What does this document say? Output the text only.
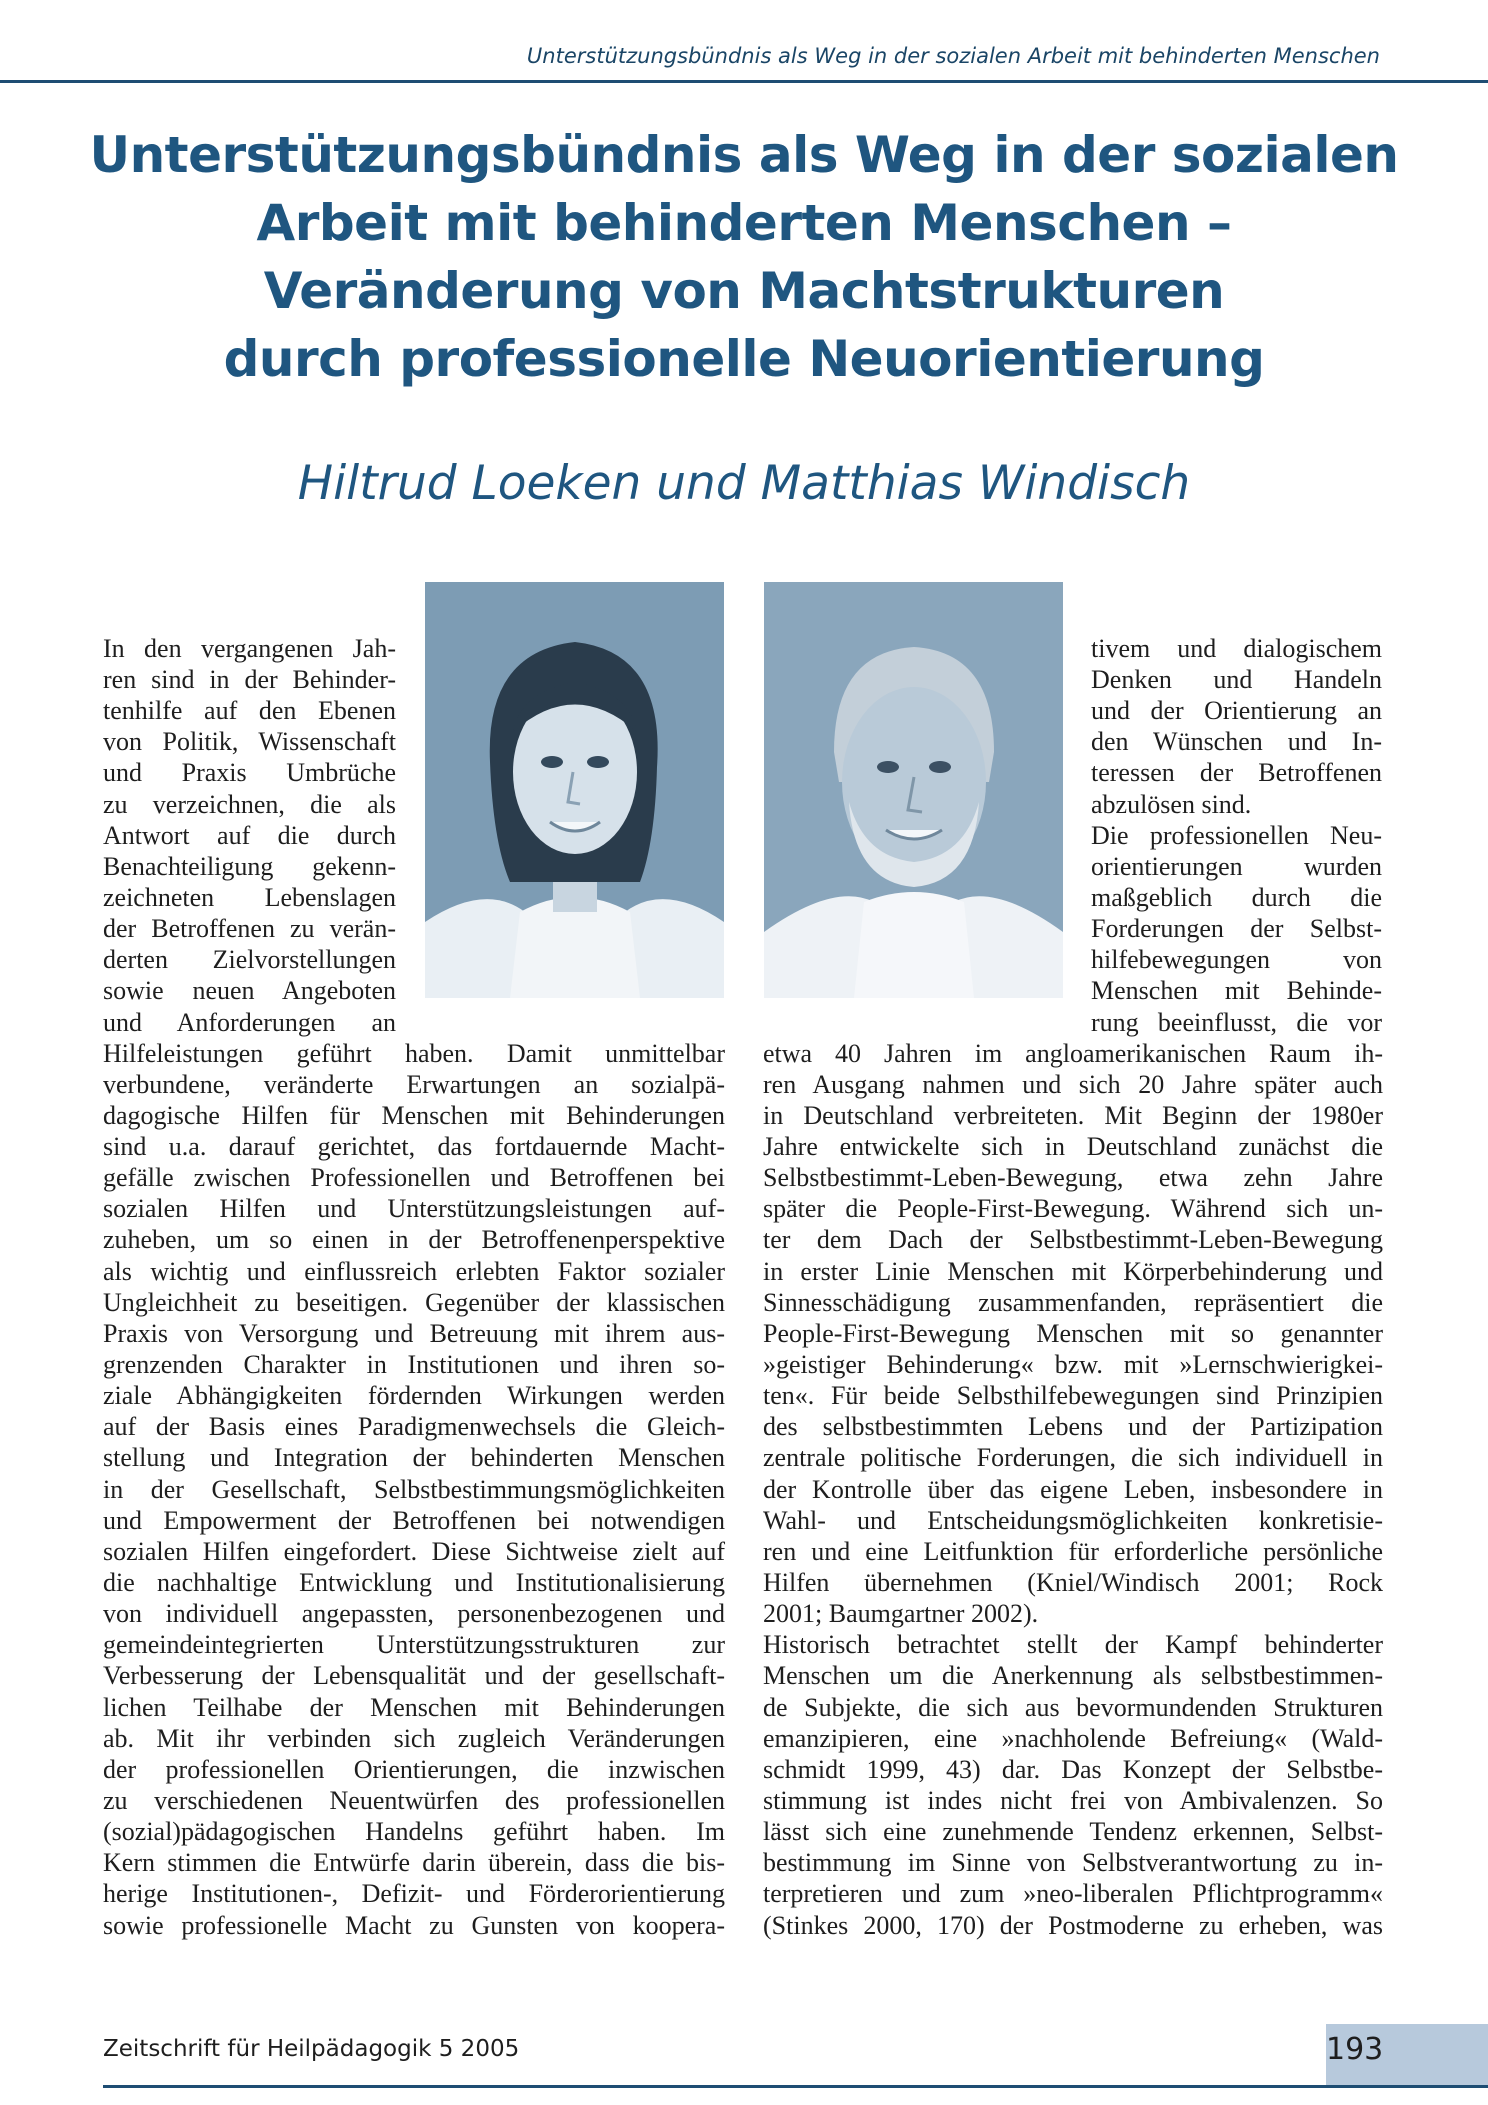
Unterstützungsbündnis als Weg in der sozialen Arbeit mit behinderten Menschen
Unterstützungsbündnis als Weg in der sozialen
Arbeit mit behinderten Menschen –
Veränderung von Machtstrukturen
durch professionelle Neuorientierung
Hiltrud Loeken und Matthias Windisch
In den vergangenen Jah-
ren sind in der Behinder-
tenhilfe auf den Ebenen
von Politik, Wissenschaft
und Praxis Umbrüche
zu verzeichnen, die als
Antwort auf die durch
Benachteiligung gekenn-
zeichneten Lebenslagen
der Betroffenen zu verän-
derten Zielvorstellungen
sowie neuen Angeboten
und Anforderungen an
Hilfeleistungen geführt haben. Damit unmittelbar
verbundene, veränderte Erwartungen an sozialpä-
dagogische Hilfen für Menschen mit Behinderungen
sind u.a. darauf gerichtet, das fortdauernde Macht-
gefälle zwischen Professionellen und Betroffenen bei
sozialen Hilfen und Unterstützungsleistungen auf-
zuheben, um so einen in der Betroffenenperspektive
als wichtig und einflussreich erlebten Faktor sozialer
Ungleichheit zu beseitigen. Gegenüber der klassischen
Praxis von Versorgung und Betreuung mit ihrem aus-
grenzenden Charakter in Institutionen und ihren so-
ziale Abhängigkeiten fördernden Wirkungen werden
auf der Basis eines Paradigmenwechsels die Gleich-
stellung und Integration der behinderten Menschen
in der Gesellschaft, Selbstbestimmungsmöglichkeiten
und Empowerment der Betroffenen bei notwendigen
sozialen Hilfen eingefordert. Diese Sichtweise zielt auf
die nachhaltige Entwicklung und Institutionalisierung
von individuell angepassten, personenbezogenen und
gemeindeintegrierten Unterstützungsstrukturen zur
Verbesserung der Lebensqualität und der gesellschaft-
lichen Teilhabe der Menschen mit Behinderungen
ab. Mit ihr verbinden sich zugleich Veränderungen
der professionellen Orientierungen, die inzwischen
zu verschiedenen Neuentwürfen des professionellen
(sozial)pädagogischen Handelns geführt haben. Im
Kern stimmen die Entwürfe darin überein, dass die bis-
herige Institutionen-, Defizit- und Förderorientierung
sowie professionelle Macht zu Gunsten von koopera-
tivem und dialogischem
Denken und Handeln
und der Orientierung an
den Wünschen und In-
teressen der Betroffenen
abzulösen sind.
Die professionellen Neu-
orientierungen wurden
maßgeblich durch die
Forderungen der Selbst-
hilfebewegungen von
Menschen mit Behinde-
rung beeinflusst, die vor
etwa 40 Jahren im angloamerikanischen Raum ih-
ren Ausgang nahmen und sich 20 Jahre später auch
in Deutschland verbreiteten. Mit Beginn der 1980er
Jahre entwickelte sich in Deutschland zunächst die
Selbstbestimmt-Leben-Bewegung, etwa zehn Jahre
später die People-First-Bewegung. Während sich un-
ter dem Dach der Selbstbestimmt-Leben-Bewegung
in erster Linie Menschen mit Körperbehinderung und
Sinnesschädigung zusammenfanden, repräsentiert die
People-First-Bewegung Menschen mit so genannter
»geistiger Behinderung« bzw. mit »Lernschwierigkei-
ten«. Für beide Selbsthilfebewegungen sind Prinzipien
des selbstbestimmten Lebens und der Partizipation
zentrale politische Forderungen, die sich individuell in
der Kontrolle über das eigene Leben, insbesondere in
Wahl- und Entscheidungsmöglichkeiten konkretisie-
ren und eine Leitfunktion für erforderliche persönliche
Hilfen übernehmen (Kniel/Windisch 2001; Rock
2001; Baumgartner 2002).
Historisch betrachtet stellt der Kampf behinderter
Menschen um die Anerkennung als selbstbestimmen-
de Subjekte, die sich aus bevormundenden Strukturen
emanzipieren, eine »nachholende Befreiung« (Wald-
schmidt 1999, 43) dar. Das Konzept der Selbstbe-
stimmung ist indes nicht frei von Ambivalenzen. So
lässt sich eine zunehmende Tendenz erkennen, Selbst-
bestimmung im Sinne von Selbstverantwortung zu in-
terpretieren und zum »neo-liberalen Pflichtprogramm«
(Stinkes 2000, 170) der Postmoderne zu erheben, was
Zeitschrift für Heilpädagogik 5 2005	193
